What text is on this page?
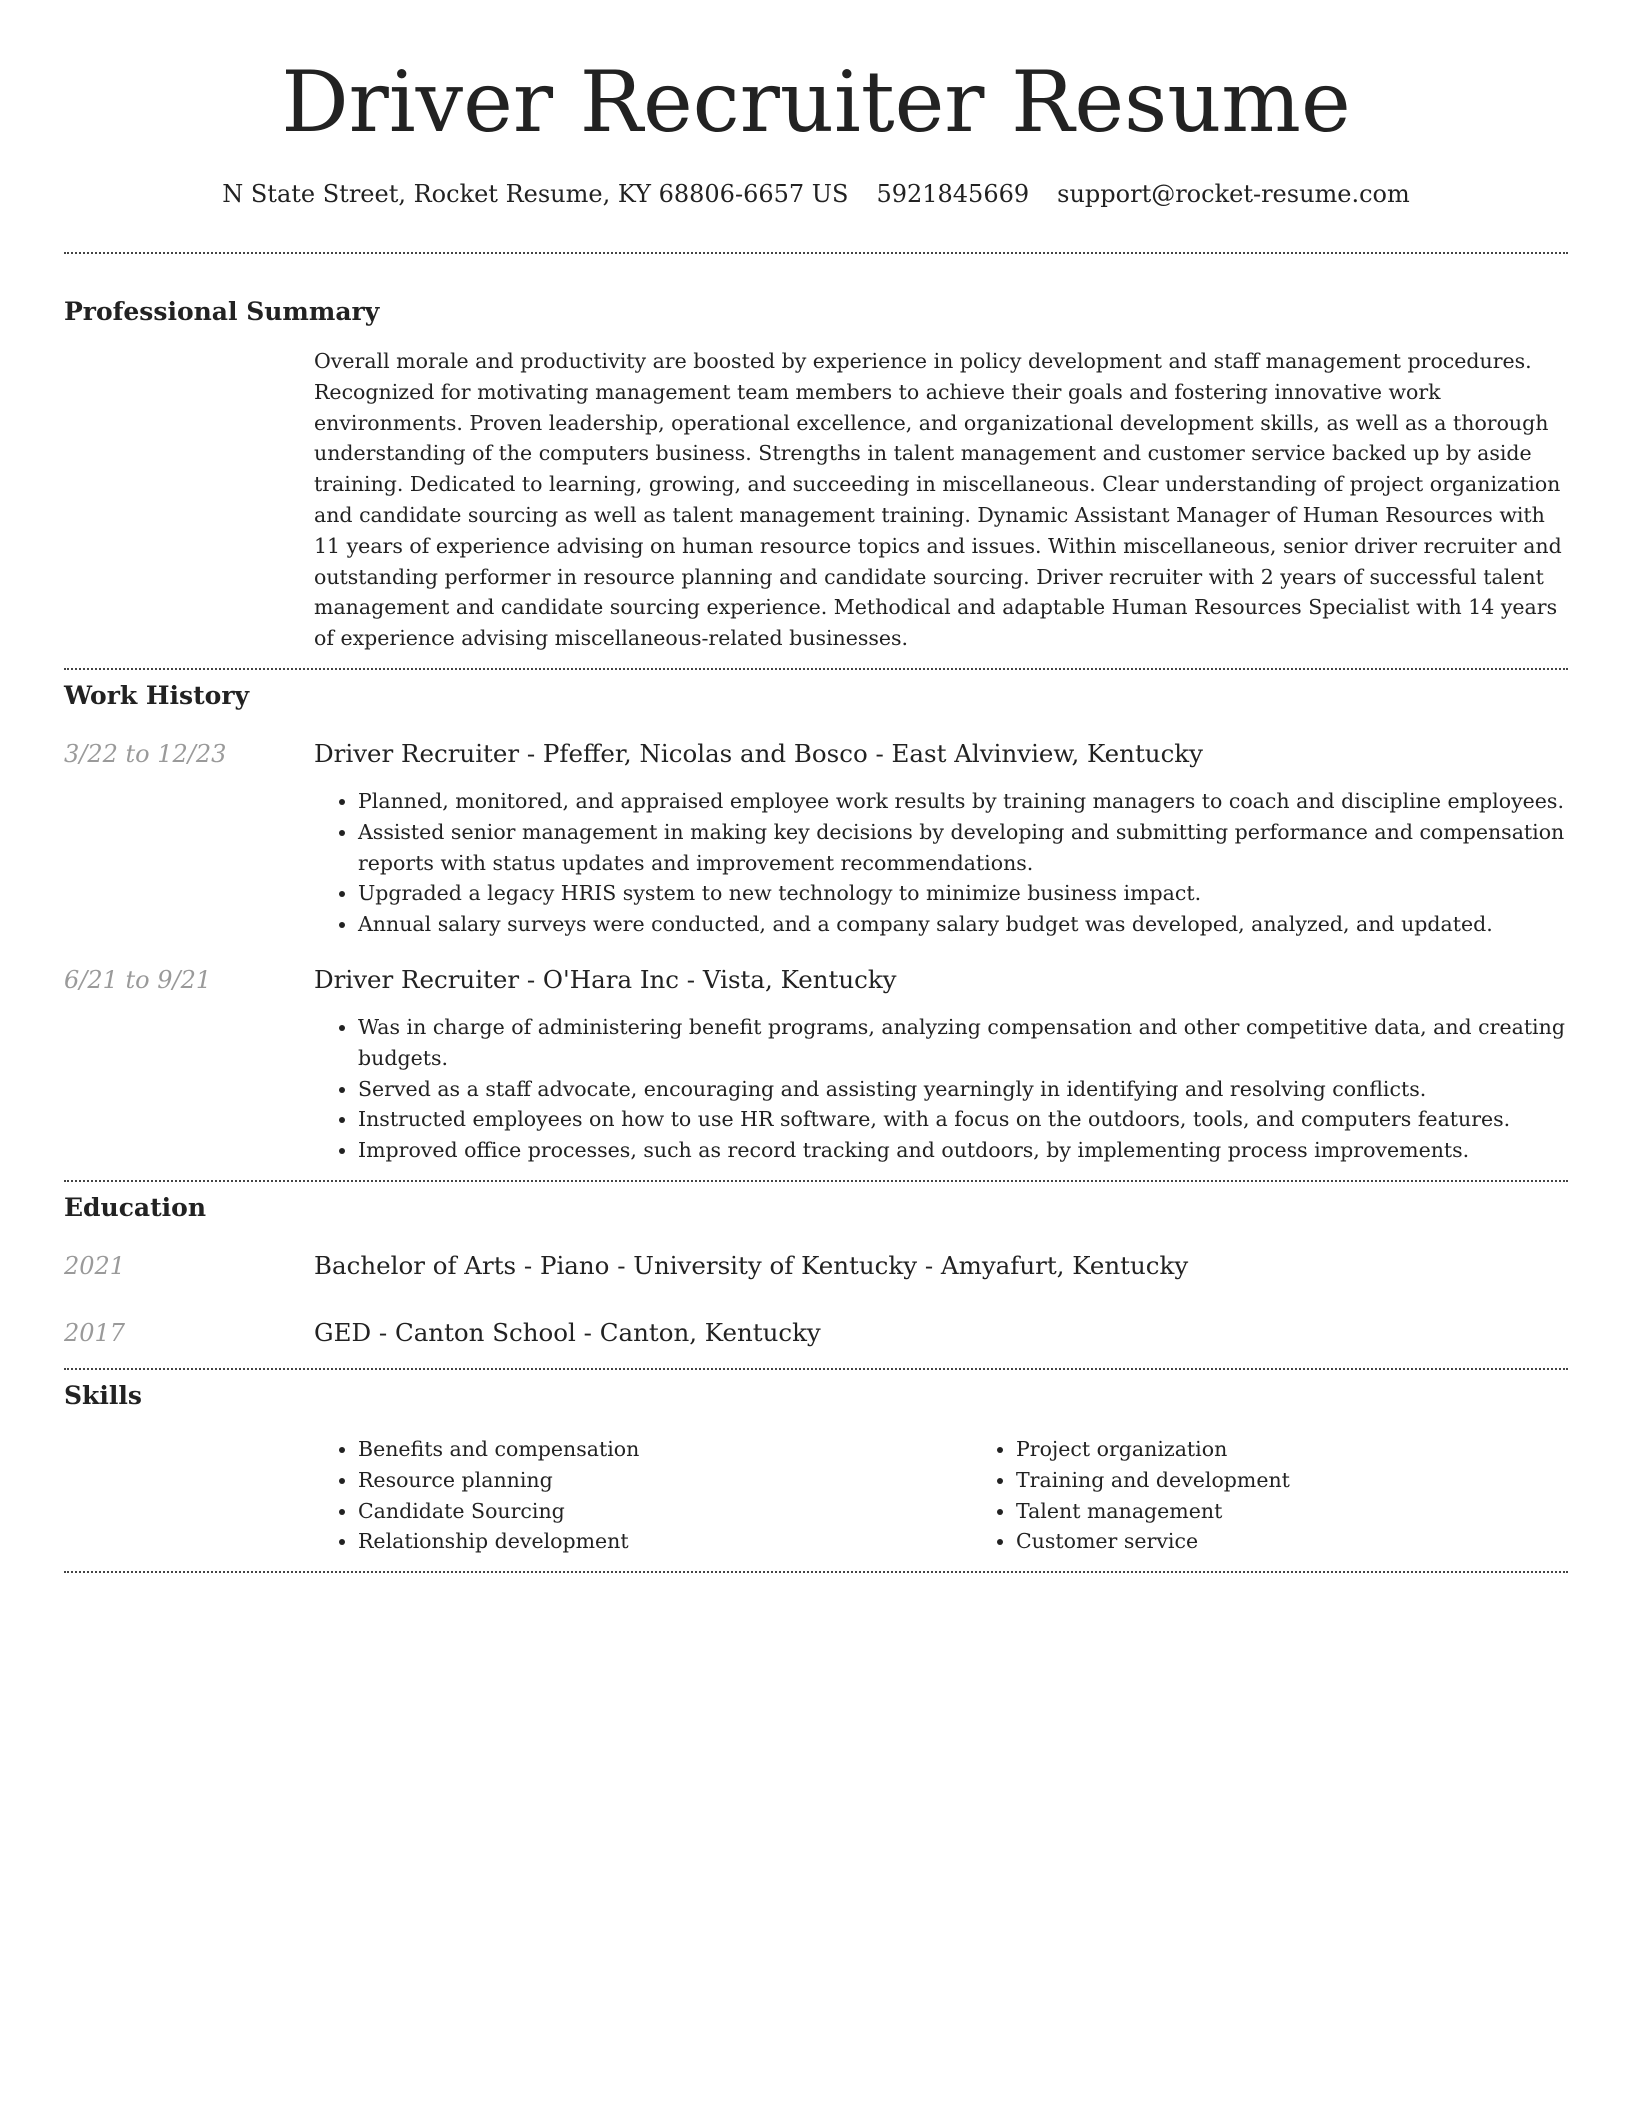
Driver Recruiter Resume
N State Street, Rocket Resume, KY 68806-6657 US 5921845669 support@rocket-resume.com
Professional Summary
Overall morale and productivity are boosted by experience in policy development and staff management procedures. Recognized for motivating management team members to achieve their goals and fostering innovative work environments. Proven leadership, operational excellence, and organizational development skills, as well as a thorough understanding of the computers business. Strengths in talent management and customer service backed up by aside training. Dedicated to learning, growing, and succeeding in miscellaneous. Clear understanding of project organization and candidate sourcing as well as talent management training. Dynamic Assistant Manager of Human Resources with 11 years of experience advising on human resource topics and issues. Within miscellaneous, senior driver recruiter and outstanding performer in resource planning and candidate sourcing. Driver recruiter with 2 years of successful talent management and candidate sourcing experience. Methodical and adaptable Human Resources Specialist with 14 years of experience advising miscellaneous-related businesses.
Work History
3/22 to 12/23	Driver Recruiter - Pfeffer, Nicolas and Bosco - East Alvinview, Kentucky
• Planned, monitored, and appraised employee work results by training managers to coach and discipline employees.
• Assisted senior management in making key decisions by developing and submitting performance and compensation reports with status updates and improvement recommendations.
• Upgraded a legacy HRIS system to new technology to minimize business impact.
• Annual salary surveys were conducted, and a company salary budget was developed, analyzed, and updated.
6/21 to 9/21	Driver Recruiter - O'Hara Inc - Vista, Kentucky
• Was in charge of administering benefit programs, analyzing compensation and other competitive data, and creating budgets.
• Served as a staff advocate, encouraging and assisting yearningly in identifying and resolving conflicts.
• Instructed employees on how to use HR software, with a focus on the outdoors, tools, and computers features.
• Improved office processes, such as record tracking and outdoors, by implementing process improvements.
Education
2021	Bachelor of Arts - Piano - University of Kentucky - Amyafurt, Kentucky
2017	GED - Canton School - Canton, Kentucky
Skills
• Benefits and compensation
• Resource planning
• Candidate Sourcing
• Relationship development
• Project organization
• Training and development
• Talent management
• Customer service
